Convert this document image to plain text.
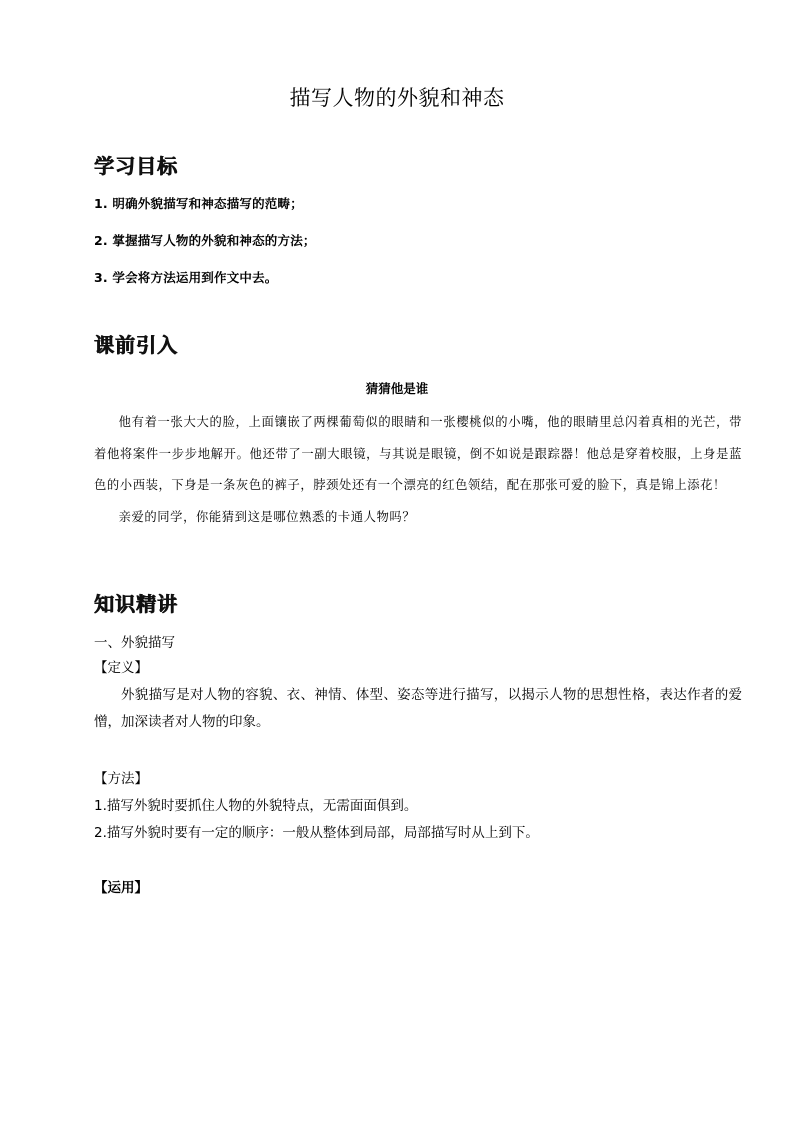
描写人物的外貌和神态
学习目标
1. 明确外貌描写和神态描写的范畴；
2. 掌握描写人物的外貌和神态的方法；
3. 学会将方法运用到作文中去。
课前引入
猜猜他是谁

他有着一张大大的脸，上面镶嵌了两棵葡萄似的眼睛和一张樱桃似的小嘴，他的眼睛里总闪着真相的光芒，带着他将案件一步步地解开。他还带了一副大眼镜，与其说是眼镜，倒不如说是跟踪器！他总是穿着校服，上身是蓝色的小西装，下身是一条灰色的裤子，脖颈处还有一个漂亮的红色领结，配在那张可爱的脸下，真是锦上添花！

亲爱的同学，你能猜到这是哪位熟悉的卡通人物吗？

知识精讲
一、外貌描写
【定义】

外貌描写是对人物的容貌、衣、神情、体型、姿态等进行描写，以揭示人物的思想性格，表达作者的爱憎，加深读者对人物的印象。

【方法】
1.描写外貌时要抓住人物的外貌特点，无需面面俱到。
2.描写外貌时要有一定的顺序：一般从整体到局部，局部描写时从上到下。
【运用】
